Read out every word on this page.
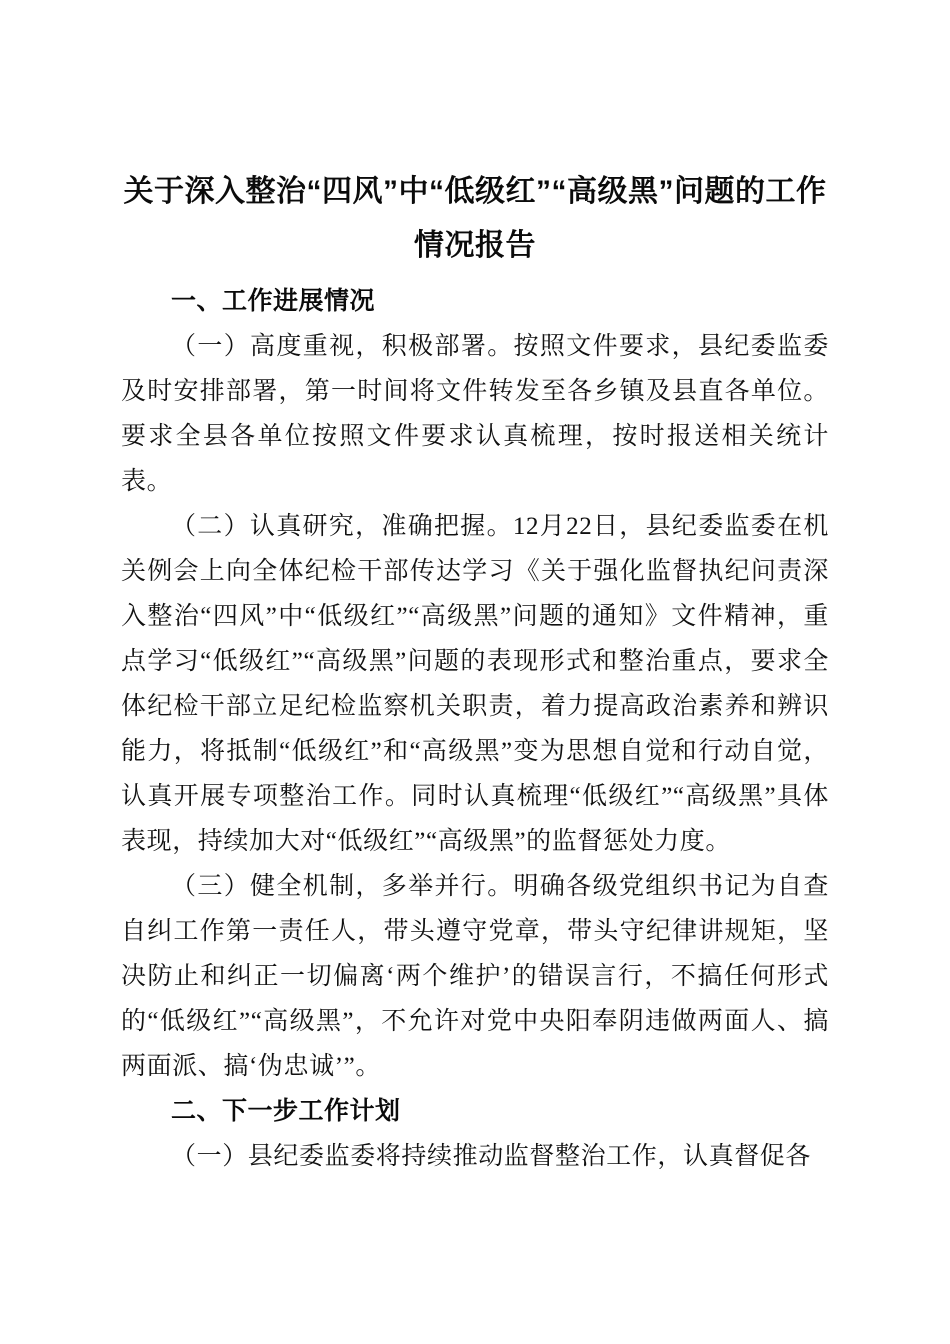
关于深入整治“四风”中“低级红”“高级黑”问题的工作情况报告
一、工作进展情况

（一）高度重视，积极部署。按照文件要求，县纪委监委及时安排部署，第一时间将文件转发至各乡镇及县直各单位。要求全县各单位按照文件要求认真梳理，按时报送相关统计表。

（二）认真研究，准确把握。12月22日，县纪委监委在机关例会上向全体纪检干部传达学习《关于强化监督执纪问责深入整治“四风”中“低级红”“高级黑”问题的通知》文件精神，重点学习“低级红”“高级黑”问题的表现形式和整治重点，要求全体纪检干部立足纪检监察机关职责，着力提高政治素养和辨识能力，将抵制“低级红”和“高级黑”变为思想自觉和行动自觉，认真开展专项整治工作。同时认真梳理“低级红”“高级黑”具体表现，持续加大对“低级红”“高级黑”的监督惩处力度。

（三）健全机制，多举并行。明确各级党组织书记为自查自纠工作第一责任人，带头遵守党章，带头守纪律讲规矩，坚决防止和纠正一切偏离‘两个维护’的错误言行，不搞任何形式的“低级红”“高级黑”，不允许对党中央阳奉阴违做两面人、搞两面派、搞‘伪忠诚’”。

二、下一步工作计划

（一）县纪委监委将持续推动监督整治工作，认真督促各
